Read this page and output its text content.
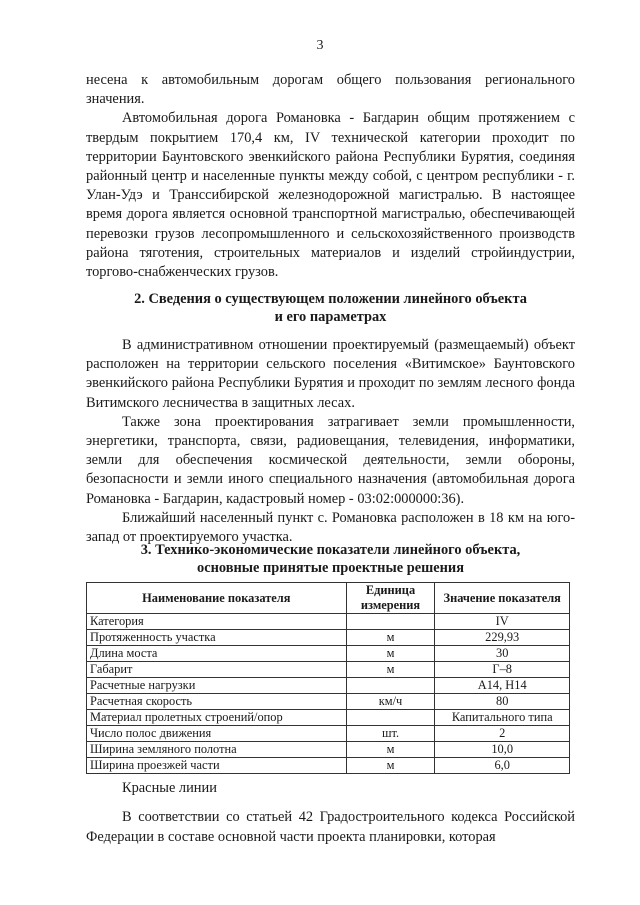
3

несена к автомобильным дорогам общего пользования регионального значения.

Автомобильная дорога Романовка - Багдарин общим протяжением с твердым покрытием 170,4 км, IV технической категории проходит по территории Баунтовского эвенкийского района Республики Бурятия, соединяя районный центр и населенные пункты между собой, с центром республики - г. Улан-Удэ и Транссибирской железнодорожной магистралью. В настоящее время дорога является основной транспортной магистралью, обеспечивающей перевозки грузов лесопромышленного и сельскохозяйственного производств района тяготения, строительных материалов и изделий стройиндустрии, торгово-снабженческих грузов.

2. Сведения о существующем положении линейного объекта
и его параметрах

В административном отношении проектируемый (размещаемый) объект расположен на территории сельского поселения «Витимское» Баунтовского эвенкийского района Республики Бурятия и проходит по землям лесного фонда Витимского лесничества в защитных лесах.

Также зона проектирования затрагивает земли промышленности, энергетики, транспорта, связи, радиовещания, телевидения, информатики, земли для обеспечения космической деятельности, земли обороны, безопасности и земли иного специального назначения (автомобильная дорога Романовка - Багдарин, кадастровый номер - 03:02:000000:36).

Ближайший населенный пункт с. Романовка расположен в 18 км на юго-запад от проектируемого участка.

3. Технико-экономические показатели линейного объекта,
основные принятые проектные решения
Наименование показателя	Единица измерения	Значение показателя
Категория		IV
Протяженность участка	м	229,93
Длина моста	м	30
Габарит	м	Г–8
Расчетные нагрузки		А14, Н14
Расчетная скорость	км/ч	80
Материал пролетных строений/опор		Капитального типа
Число полос движения	шт.	2
Ширина земляного полотна	м	10,0
Ширина проезжей части	м	6,0
Красные линии

В соответствии со статьей 42 Градостроительного кодекса Российской Федерации в составе основной части проекта планировки, которая
